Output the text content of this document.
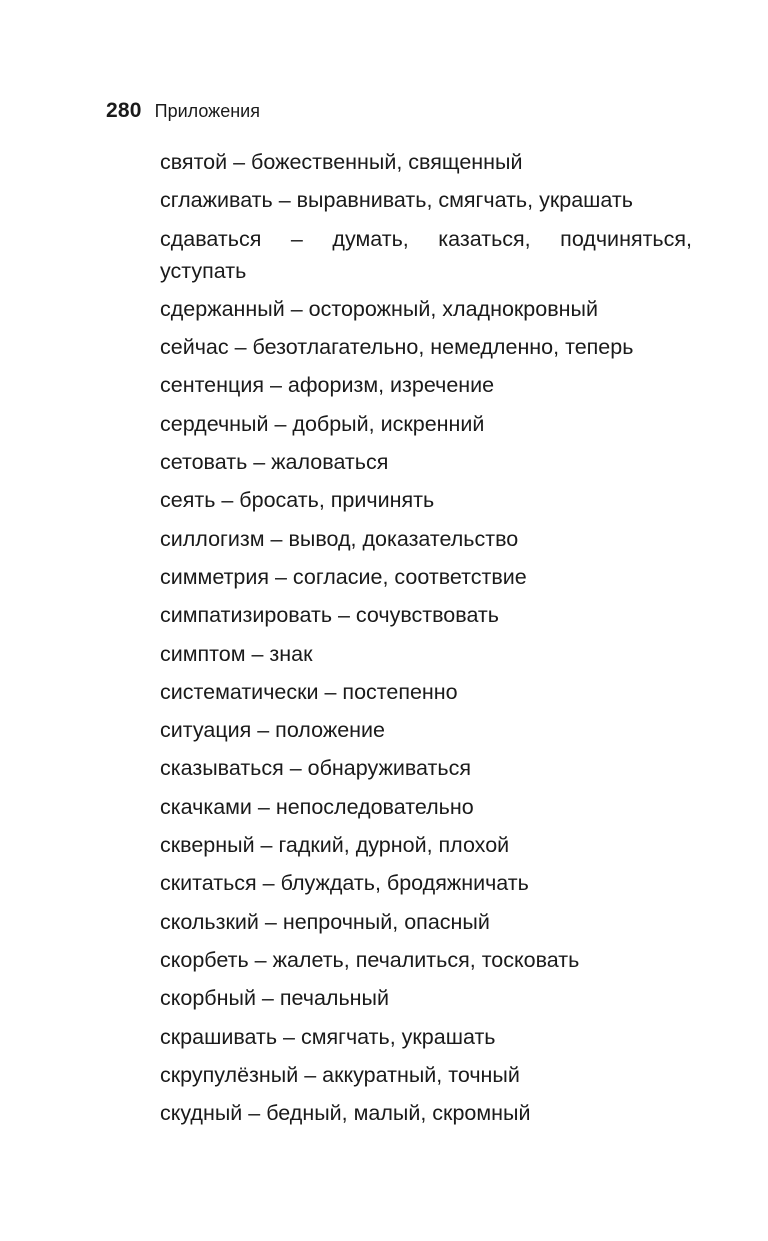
280 Приложения
святой – божественный, священный
сглаживать – выравнивать, смягчать, украшать
сдаваться – думать, казаться, подчиняться, уступать
сдержанный – осторожный, хладнокровный
сейчас – безотлагательно, немедленно, теперь
сентенция – афоризм, изречение
сердечный – добрый, искренний
сетовать – жаловаться
сеять – бросать, причинять
силлогизм – вывод, доказательство
симметрия – согласие, соответствие
симпатизировать – сочувствовать
симптом – знак
систематически – постепенно
ситуация – положение
сказываться – обнаруживаться
скачками – непоследовательно
скверный – гадкий, дурной, плохой
скитаться – блуждать, бродяжничать
скользкий – непрочный, опасный
скорбеть – жалеть, печалиться, тосковать
скорбный – печальный
скрашивать – смягчать, украшать
скрупулёзный – аккуратный, точный
скудный – бедный, малый, скромный
